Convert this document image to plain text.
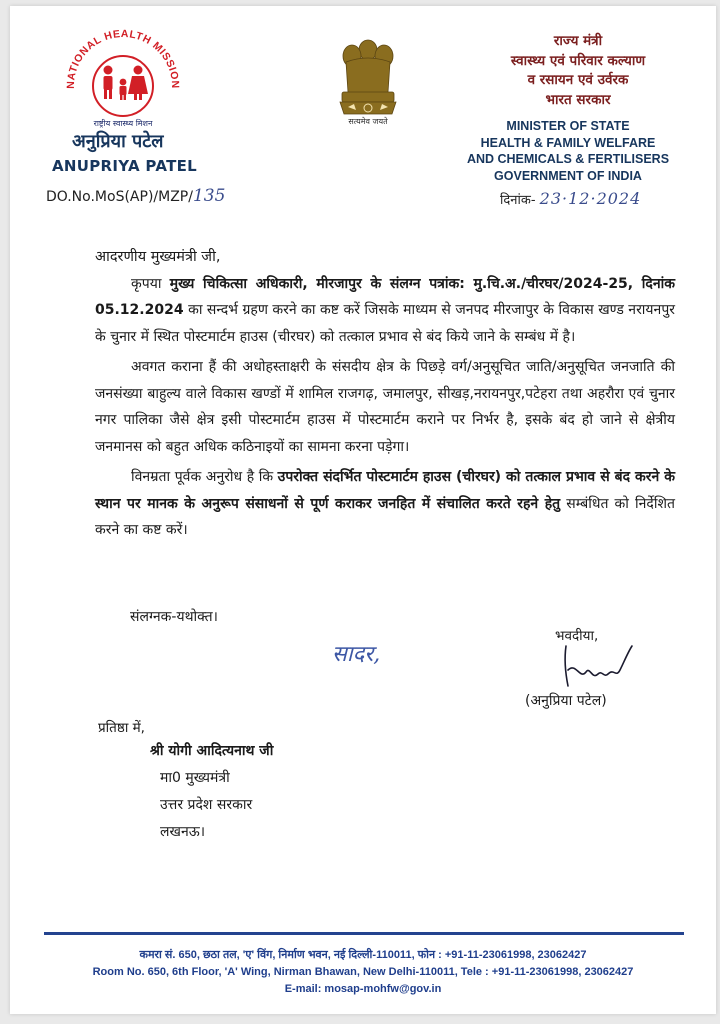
NATIONAL HEALTH MISSION
राष्ट्रीय स्वास्थ्य मिशन
अनुप्रिया पटेल
ANUPRIYA PATEL
DO.No.MoS(AP)/MZP/135
सत्यमेव जयते
राज्य मंत्री
स्वास्थ्य एवं परिवार कल्याण
व रसायन एवं उर्वरक
भारत सरकार
MINISTER OF STATE
HEALTH & FAMILY WELFARE
AND CHEMICALS & FERTILISERS
GOVERNMENT OF INDIA
दिनांक- 23·12·2024

आदरणीय मुख्यमंत्री जी,

कृपया मुख्य चिकित्सा अधिकारी, मीरजापुर के संलग्न पत्रांक: मु.चि.अ./चीरघर/2024-25, दिनांक 05.12.2024 का सन्दर्भ ग्रहण करने का कष्ट करें जिसके माध्यम से जनपद मीरजापुर के विकास खण्ड नरायनपुर के चुनार में स्थित पोस्टमार्टम हाउस (चीरघर) को तत्काल प्रभाव से बंद किये जाने के सम्बंध में है।

अवगत कराना हैं की अधोहस्ताक्षरी के संसदीय क्षेत्र के पिछड़े वर्ग/अनुसूचित जाति/अनुसूचित जनजाति की जनसंख्या बाहुल्य वाले विकास खण्डों में शामिल राजगढ़, जमालपुर, सीखड़,नरायनपुर,पटेहरा तथा अहरौरा एवं चुनार नगर पालिका जैसे क्षेत्र इसी पोस्टमार्टम हाउस में पोस्टमार्टम कराने पर निर्भर है, इसके बंद हो जाने से क्षेत्रीय जनमानस को बहुत अधिक कठिनाइयों का सामना करना पड़ेगा।

विनम्रता पूर्वक अनुरोध है कि उपरोक्त संदर्भित पोस्टमार्टम हाउस (चीरघर) को तत्काल प्रभाव से बंद करने के स्थान पर मानक के अनुरूप संसाधनों से पूर्ण कराकर जनहित में संचालित करते रहने हेतु सम्बंधित को निर्देशित करने का कष्ट करें।

संलग्नक-यथोक्त।
सादर,
भवदीया,
(अनुप्रिया पटेल)
प्रतिष्ठा में,
श्री योगी आदित्यनाथ जी
मा0 मुख्यमंत्री
उत्तर प्रदेश सरकार
लखनऊ।
कमरा सं. 650, छठा तल, 'ए' विंग, निर्माण भवन, नई दिल्ली-110011, फोन : +91-11-23061998, 23062427
Room No. 650, 6th Floor, 'A' Wing, Nirman Bhawan, New Delhi-110011, Tele : +91-11-23061998, 23062427
E-mail: mosap-mohfw@gov.in
